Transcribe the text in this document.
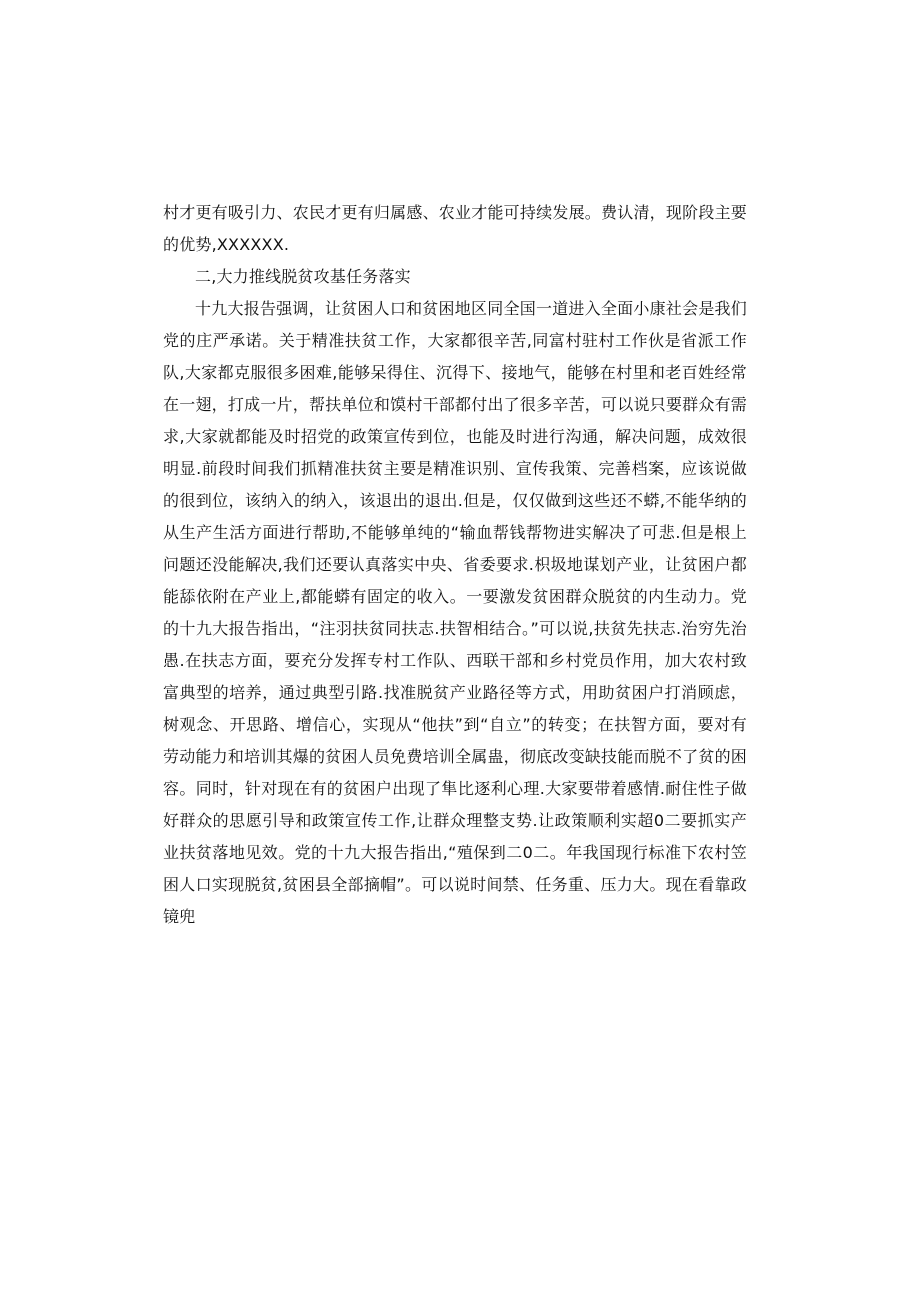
村才更有吸引力、农民才更有归属感、农业才能可持续发展。费认清，现阶段主要的优势,XXXXXX.

二,大力推线脱贫攻基任务落实

十九大报告强调，让贫困人口和贫困地区同全国一道进入全面小康社会是我们党的庄严承诺。关于精准扶贫工作，大家都很辛苦,同富村驻村工作伙是省派工作队,大家都克服很多困难,能够呆得住、沉得下、接地气，能够在村里和老百姓经常在一翅，打成一片，帮扶单位和馍村干部都付出了很多辛苦，可以说只要群众有需求,大家就都能及时招党的政策宣传到位，也能及时进行沟通，解决问题，成效很明显.前段时间我们抓精准扶贫主要是精准识别、宣传我策、完善档案，应该说做的很到位，该纳入的纳入，该退出的退出.但是，仅仅做到这些还不蟒,不能华纳的从生产生活方面进行帮助,不能够单纯的“输血帮钱帮物进实解决了可悲.但是根上问题还没能解决,我们还要认真落实中央、省委要求.枳圾地谋划产业，让贫困户都能舔依附在产业上,都能蟒有固定的收入。一要激发贫困群众脱贫的内生动力。党的十九大报告指出，“注羽扶贫同扶志.扶智相结合。”可以说,扶贫先扶志.治穷先治愚.在扶志方面，要充分发挥专村工作队、西联干部和乡村党员作用，加大农村致富典型的培养，通过典型引路.找准脱贫产业路径等方式，用助贫困户打消顾虑，树观念、开思路、增信心，实现从“他扶”到“自立”的转变；在扶智方面，要对有劳动能力和培训其爆的贫困人员免费培训全属蛊，彻底改变缺技能而脱不了贫的困容。同时，针对现在有的贫困户出现了隼比逐利心理.大家要带着感情.耐住性子做好群众的思愿引导和政策宣传工作,让群众理整支势.让政策顺利实超0二要抓实产业扶贫落地见效。党的十九大报告指出,“殖保到二0二。年我国现行标准下农村笠困人口实现脱贫,贫困县全部摘帽”。可以说时间禁、任务重、压力大。现在看靠政镜兜
